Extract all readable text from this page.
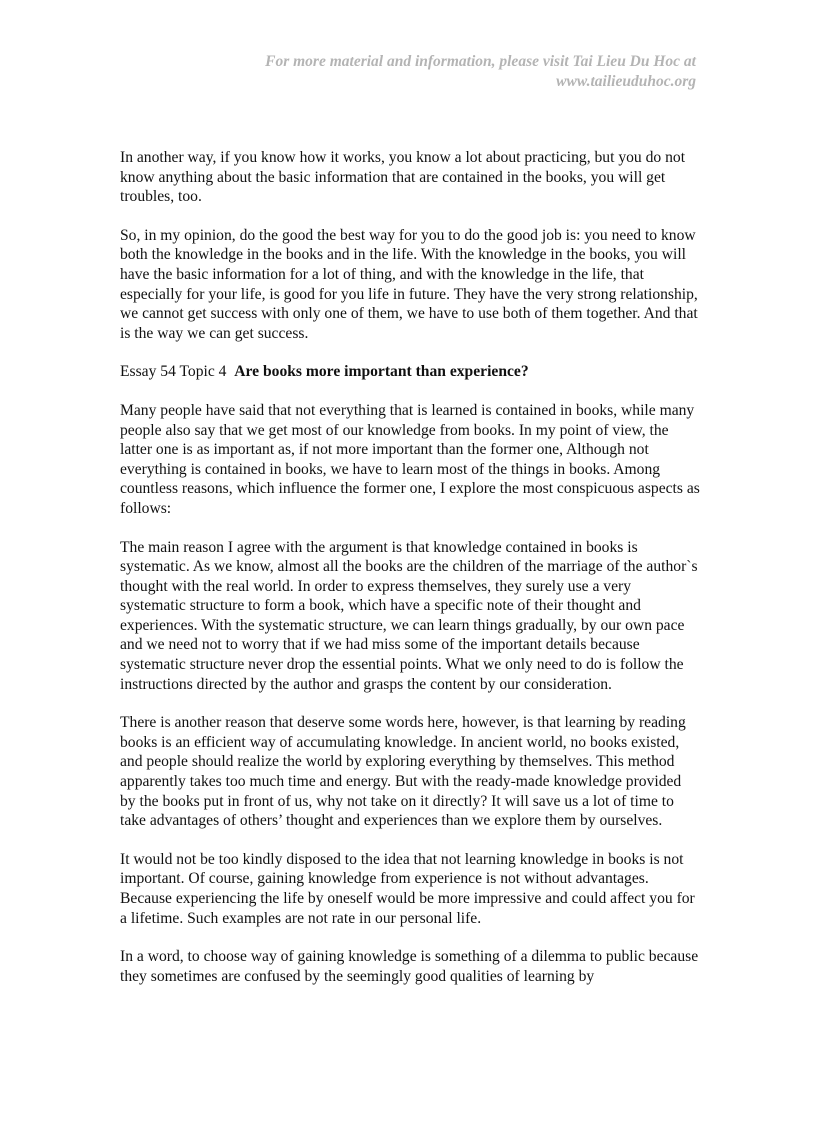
For more material and information, please visit Tai Lieu Du Hoc at
www.tailieuduhoc.org

In another way, if you know how it works, you know a lot about practicing, but you do not know anything about the basic information that are contained in the books, you will get troubles, too.

So, in my opinion, do the good the best way for you to do the good job is: you need to know both the knowledge in the books and in the life. With the knowledge in the books, you will have the basic information for a lot of thing, and with the knowledge in the life, that especially for your life, is good for you life in future. They have the very strong relationship, we cannot get success with only one of them, we have to use both of them together. And that is the way we can get success.

Essay 54 Topic 4 Are books more important than experience?

Many people have said that not everything that is learned is contained in books, while many people also say that we get most of our knowledge from books. In my point of view, the latter one is as important as, if not more important than the former one, Although not everything is contained in books, we have to learn most of the things in books. Among countless reasons, which influence the former one, I explore the most conspicuous aspects as follows:

The main reason I agree with the argument is that knowledge contained in books is systematic. As we know, almost all the books are the children of the marriage of the author`s thought with the real world. In order to express themselves, they surely use a very systematic structure to form a book, which have a specific note of their thought and experiences. With the systematic structure, we can learn things gradually, by our own pace and we need not to worry that if we had miss some of the important details because systematic structure never drop the essential points. What we only need to do is follow the instructions directed by the author and grasps the content by our consideration.

There is another reason that deserve some words here, however, is that learning by reading books is an efficient way of accumulating knowledge. In ancient world, no books existed, and people should realize the world by exploring everything by themselves. This method apparently takes too much time and energy. But with the ready-made knowledge provided by the books put in front of us, why not take on it directly? It will save us a lot of time to take advantages of others’ thought and experiences than we explore them by ourselves.

It would not be too kindly disposed to the idea that not learning knowledge in books is not important. Of course, gaining knowledge from experience is not without advantages. Because experiencing the life by oneself would be more impressive and could affect you for a lifetime. Such examples are not rate in our personal life.

In a word, to choose way of gaining knowledge is something of a dilemma to public because they sometimes are confused by the seemingly good qualities of learning by
